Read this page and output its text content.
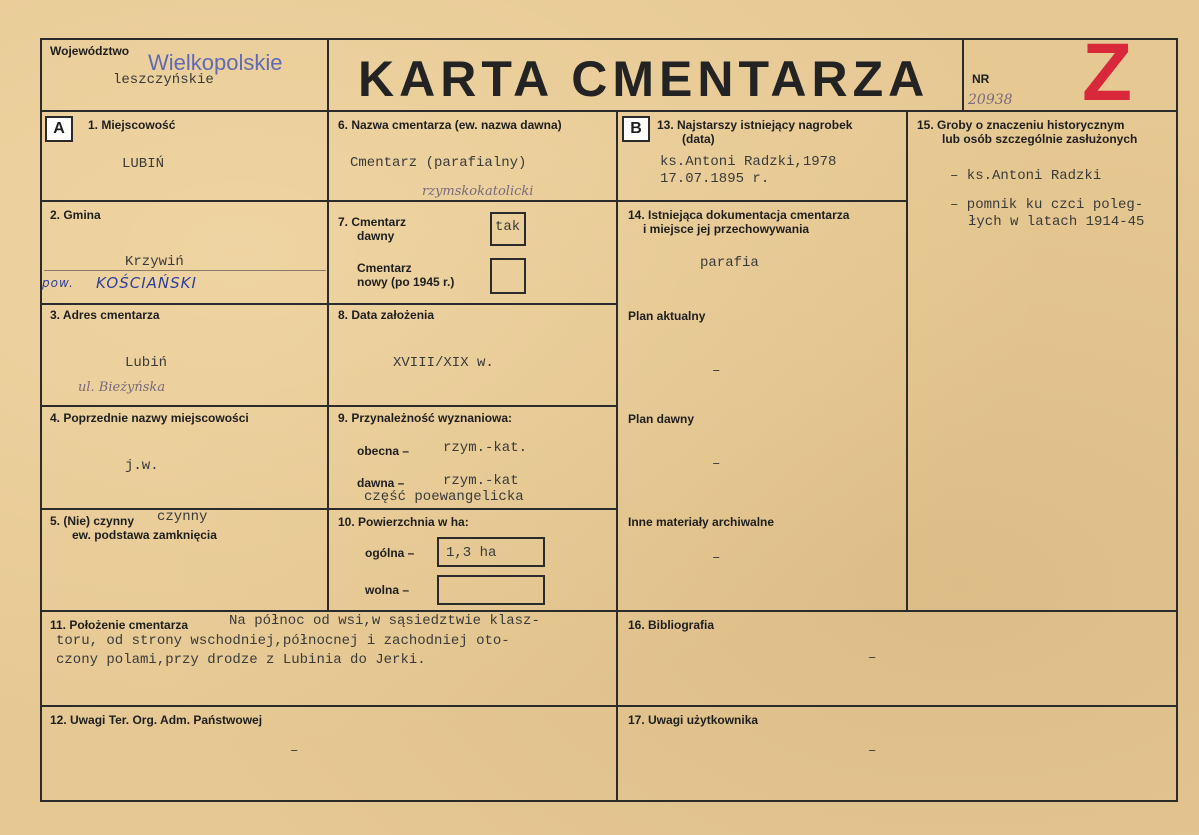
Województwo Wielkopolskie
leszczyńskie	KARTA CMENTARZA	NR
20938 Z
A	1. Miejscowość
LUBIŃ
2. Gmina
Krzywiń
pow. KOŚCIAŃSKI
3. Adres cmentarza
Lubiń
ul. Bieżyńska
4. Poprzednie nazwy miejscowości
j.w.
5. (Nie) czynny czynny
ew. podstawa zamknięcia
6. Nazwa cmentarza (ew. nazwa dawna)
Cmentarz (parafialny)
rzymskokatolicki
7. Cmentarz
dawny
tak
Cmentarz
nowy (po 1945 r.)
8. Data założenia
XVIII/XIX w.
9. Przynależność wyznaniowa:
obecna – rzym.-kat.
dawna –	rzym.-kat
część poewangelicka
10. Powierzchnia w ha:
ogólna – 1,3 ha
wolna –
11. Położenie cmentarza	Na północ od wsi,w sąsiedztwie klasz-
toru, od strony wschodniej,północnej i zachodniej oto-
czony polami,przy drodze z Lubinia do Jerki.
12. Uwagi Ter. Org. Adm. Państwowej
–
B	13. Najstarszy istniejący nagrobek
(data)
ks.Antoni Radzki,1978
17.07.1895 r.
14. Istniejąca dokumentacja cmentarza
i miejsce jej przechowywania
parafia
Plan aktualny
–
Plan dawny
–
Inne materiały archiwalne
–
15. Groby o znaczeniu historycznym
lub osób szczególnie zasłużonych
– ks.Antoni Radzki
– pomnik ku czci poleg-
łych w latach 1914-45
16. Bibliografia
–
17. Uwagi użytkownika
–
